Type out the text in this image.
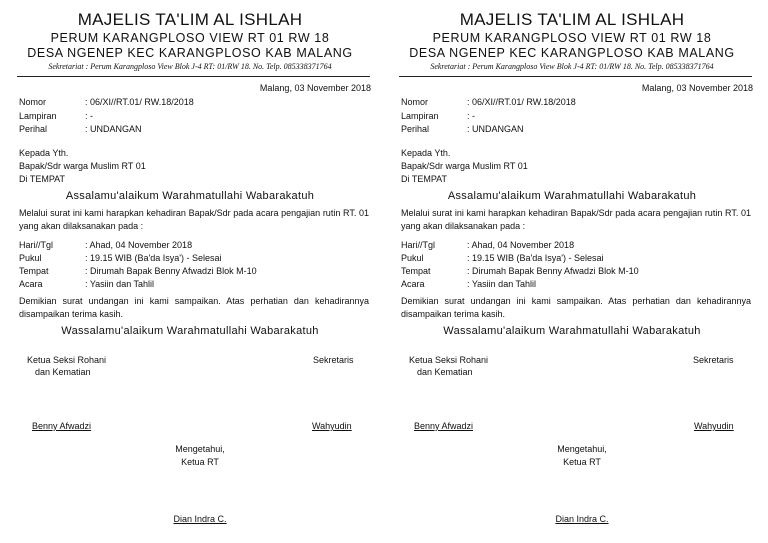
MAJELIS TA'LIM AL ISHLAH
PERUM KARANGPLOSO VIEW RT 01 RW 18
DESA NGENEP KEC KARANGPLOSO KAB MALANG
Sekretariat : Perum Karangploso View Blok J-4 RT: 01/RW 18. No. Telp. 085338371764
Malang, 03 November 2018
Nomor	: 06/XI//RT.01/ RW.18/2018
Lampiran	: -
Perihal	: UNDANGAN
Kepada Yth.
Bapak/Sdr warga Muslim RT 01
Di TEMPAT
Assalamu'alaikum Warahmatullahi Wabarakatuh
Melalui surat ini kami harapkan kehadiran Bapak/Sdr pada acara pengajian rutin RT. 01 yang akan dilaksanakan pada :
Hari//Tgl	: Ahad, 04 November 2018
Pukul	: 19.15 WIB (Ba'da Isya') - Selesai
Tempat	: Dirumah Bapak Benny Afwadzi Blok M-10
Acara	: Yasiin dan Tahlil
Demikian surat undangan ini kami sampaikan. Atas perhatian dan kehadirannya disampaikan terima kasih.
Wassalamu'alaikum Warahmatullahi Wabarakatuh
Ketua Seksi Rohani
dan Kematian
Sekretaris
Benny Afwadzi	Wahyudin
Mengetahui,
Ketua RT
Dian Indra C.
MAJELIS TA'LIM AL ISHLAH
PERUM KARANGPLOSO VIEW RT 01 RW 18
DESA NGENEP KEC KARANGPLOSO KAB MALANG
Sekretariat : Perum Karangploso View Blok J-4 RT: 01/RW 18. No. Telp. 085338371764
Malang, 03 November 2018
Nomor	: 06/XI//RT.01/ RW.18/2018
Lampiran	: -
Perihal	: UNDANGAN
Kepada Yth.
Bapak/Sdr warga Muslim RT 01
Di TEMPAT
Assalamu'alaikum Warahmatullahi Wabarakatuh
Melalui surat ini kami harapkan kehadiran Bapak/Sdr pada acara pengajian rutin RT. 01 yang akan dilaksanakan pada :
Hari//Tgl	: Ahad, 04 November 2018
Pukul	: 19.15 WIB (Ba'da Isya') - Selesai
Tempat	: Dirumah Bapak Benny Afwadzi Blok M-10
Acara	: Yasiin dan Tahlil
Demikian surat undangan ini kami sampaikan. Atas perhatian dan kehadirannya disampaikan terima kasih.
Wassalamu'alaikum Warahmatullahi Wabarakatuh
Ketua Seksi Rohani
dan Kematian
Sekretaris
Benny Afwadzi	Wahyudin
Mengetahui,
Ketua RT
Dian Indra C.
